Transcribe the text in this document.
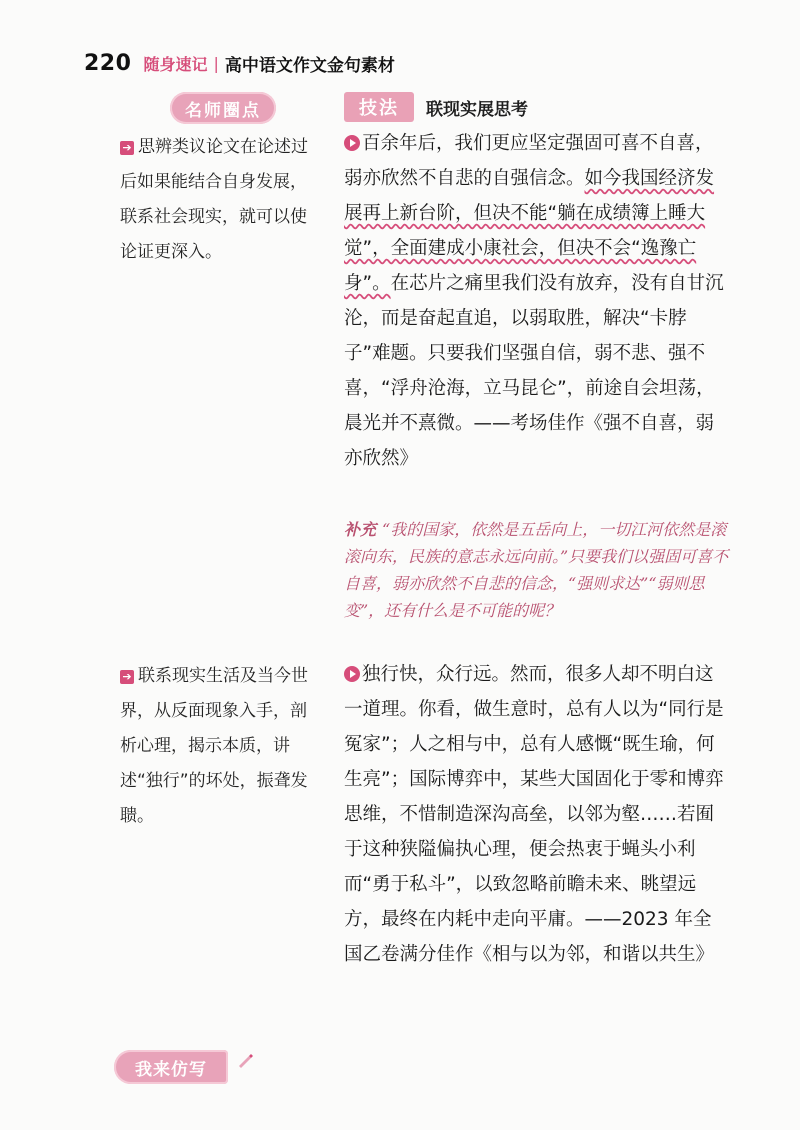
220 随身速记 | 高中语文作文金句素材
名师圈点	技法	联现实展思考
➔ 思辨类议论文在论述过后如果能结合自身发展，联系社会现实，就可以使论证更深入。
百余年后，我们更应坚定强固可喜不自喜，弱亦欣然不自悲的自强信念。如今我国经济发展再上新台阶，但决不能“躺在成绩簿上睡大觉”，全面建成小康社会，但决不会“逸豫亡身”。在芯片之痛里我们没有放弃，没有自甘沉沦，而是奋起直追，以弱取胜，解决“卡脖子”难题。只要我们坚强自信，弱不悲、强不喜，“浮舟沧海，立马昆仑”，前途自会坦荡，晨光并不熹微。——考场佳作《强不自喜，弱亦欣然》
补充 “我的国家，依然是五岳向上，一切江河依然是滚滚向东，民族的意志永远向前。”只要我们以强固可喜不自喜，弱亦欣然不自悲的信念，“强则求达”“弱则思变”，还有什么是不可能的呢？
➔ 联系现实生活及当今世界，从反面现象入手，剖析心理，揭示本质，讲述“独行”的坏处，振聋发聩。
独行快，众行远。然而，很多人却不明白这一道理。你看，做生意时，总有人以为“同行是冤家”；人之相与中，总有人感慨“既生瑜，何生亮”；国际博弈中，某些大国固化于零和博弈思维，不惜制造深沟高垒，以邻为壑……若囿于这种狭隘偏执心理，便会热衷于蝇头小利而“勇于私斗”，以致忽略前瞻未来、眺望远方，最终在内耗中走向平庸。——2023 年全国乙卷满分佳作《相与以为邻，和谐以共生》
我来仿写
